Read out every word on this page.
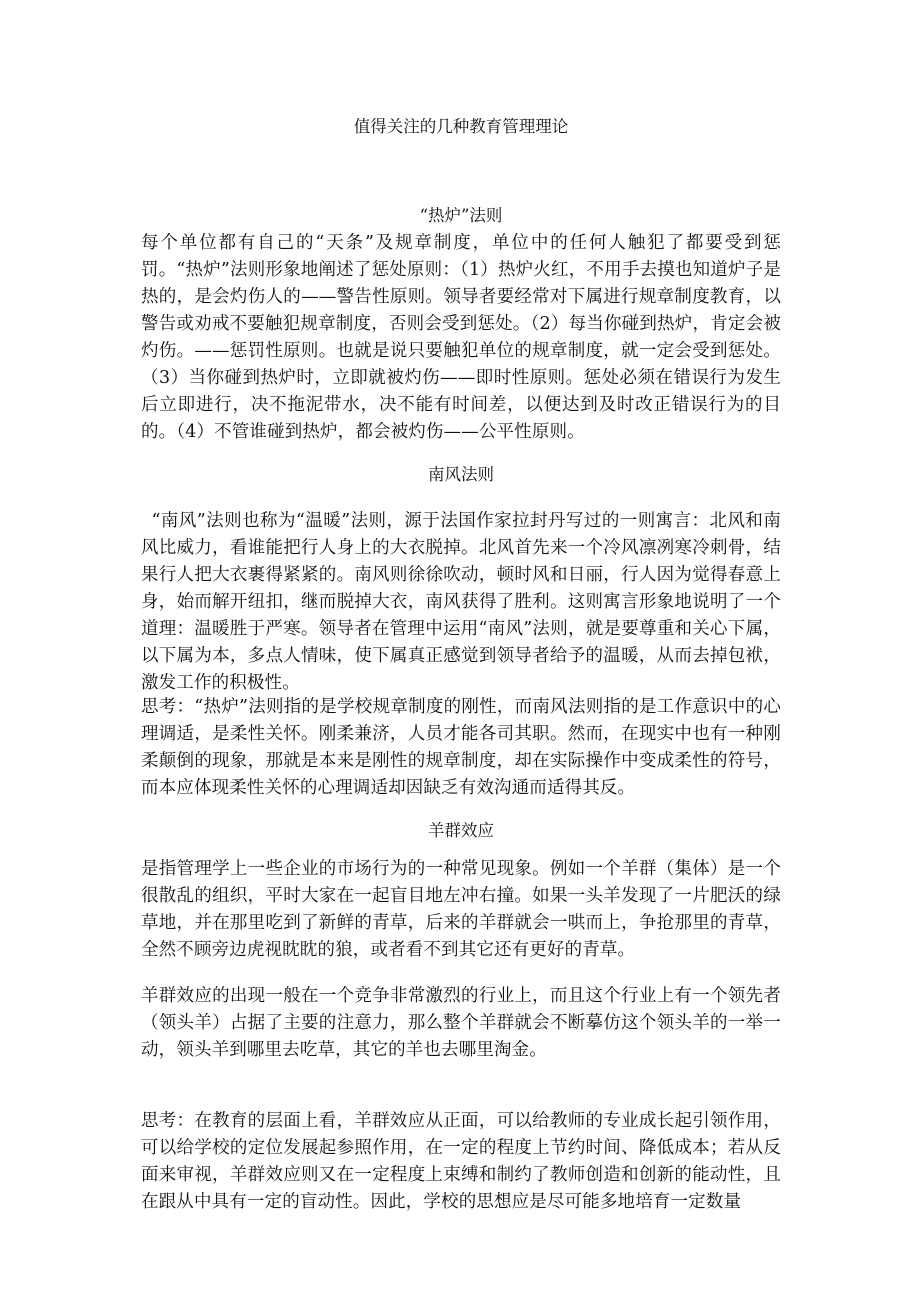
值得关注的几种教育管理理论
“热炉”法则
每个单位都有自己的“天条”及规章制度，单位中的任何人触犯了都要受到惩罚。“热炉”法则形象地阐述了惩处原则：（1）热炉火红，不用手去摸也知道炉子是热的，是会灼伤人的——警告性原则。领导者要经常对下属进行规章制度教育，以警告或劝戒不要触犯规章制度，否则会受到惩处。（2）每当你碰到热炉，肯定会被灼伤。——惩罚性原则。也就是说只要触犯单位的规章制度，就一定会受到惩处。（3）当你碰到热炉时，立即就被灼伤——即时性原则。惩处必须在错误行为发生后立即进行，决不拖泥带水，决不能有时间差，以便达到及时改正错误行为的目的。（4）不管谁碰到热炉，都会被灼伤——公平性原则。
南风法则
“南风”法则也称为“温暖”法则，源于法国作家拉封丹写过的一则寓言：北风和南风比威力，看谁能把行人身上的大衣脱掉。北风首先来一个冷风凛冽寒冷刺骨，结果行人把大衣裹得紧紧的。南风则徐徐吹动，顿时风和日丽，行人因为觉得春意上身，始而解开纽扣，继而脱掉大衣，南风获得了胜利。这则寓言形象地说明了一个道理：温暖胜于严寒。领导者在管理中运用“南风”法则，就是要尊重和关心下属，以下属为本，多点人情味，使下属真正感觉到领导者给予的温暖，从而去掉包袱，激发工作的积极性。
思考：“热炉”法则指的是学校规章制度的刚性，而南风法则指的是工作意识中的心理调适，是柔性关怀。刚柔兼济，人员才能各司其职。然而，在现实中也有一种刚柔颠倒的现象，那就是本来是刚性的规章制度，却在实际操作中变成柔性的符号，而本应体现柔性关怀的心理调适却因缺乏有效沟通而适得其反。
羊群效应
是指管理学上一些企业的市场行为的一种常见现象。例如一个羊群（集体）是一个很散乱的组织，平时大家在一起盲目地左冲右撞。如果一头羊发现了一片肥沃的绿草地，并在那里吃到了新鲜的青草，后来的羊群就会一哄而上，争抢那里的青草，全然不顾旁边虎视眈眈的狼，或者看不到其它还有更好的青草。
羊群效应的出现一般在一个竞争非常激烈的行业上，而且这个行业上有一个领先者（领头羊）占据了主要的注意力，那么整个羊群就会不断摹仿这个领头羊的一举一动，领头羊到哪里去吃草，其它的羊也去哪里淘金。
思考：在教育的层面上看，羊群效应从正面，可以给教师的专业成长起引领作用，可以给学校的定位发展起参照作用，在一定的程度上节约时间、降低成本；若从反面来审视，羊群效应则又在一定程度上束缚和制约了教师创造和创新的能动性，且在跟从中具有一定的盲动性。因此，学校的思想应是尽可能多地培育一定数量
